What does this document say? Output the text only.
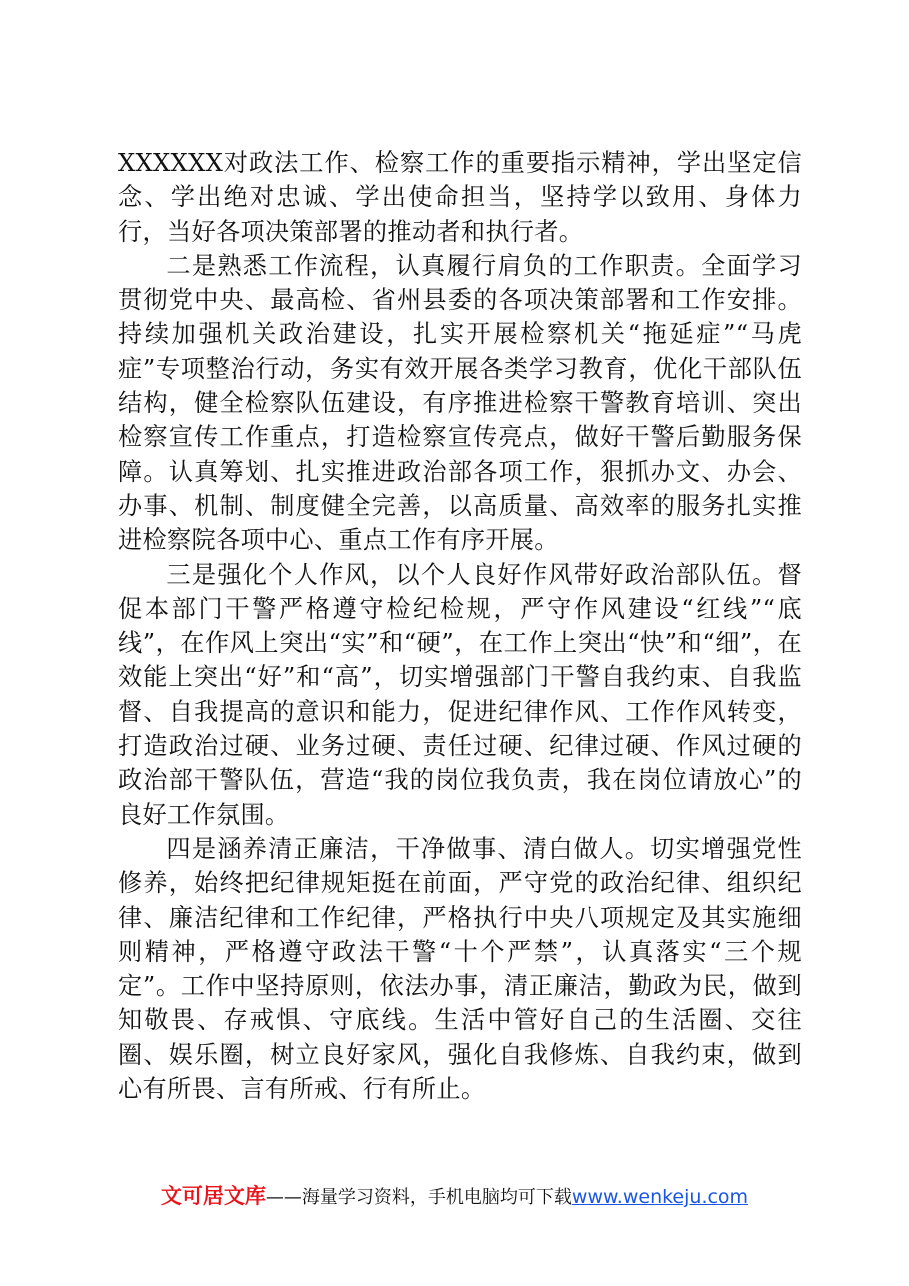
XXXXXX对政法工作、检察工作的重要指示精神，学出坚定信念、学出绝对忠诚、学出使命担当，坚持学以致用、身体力行，当好各项决策部署的推动者和执行者。

二是熟悉工作流程，认真履行肩负的工作职责。全面学习贯彻党中央、最高检、省州县委的各项决策部署和工作安排。持续加强机关政治建设，扎实开展检察机关“拖延症”“马虎症”专项整治行动，务实有效开展各类学习教育，优化干部队伍结构，健全检察队伍建设，有序推进检察干警教育培训、突出检察宣传工作重点，打造检察宣传亮点，做好干警后勤服务保障。认真筹划、扎实推进政治部各项工作，狠抓办文、办会、办事、机制、制度健全完善，以高质量、高效率的服务扎实推进检察院各项中心、重点工作有序开展。

三是强化个人作风，以个人良好作风带好政治部队伍。督促本部门干警严格遵守检纪检规，严守作风建设“红线”“底线”，在作风上突出“实”和“硬”，在工作上突出“快”和“细”，在效能上突出“好”和“高”，切实增强部门干警自我约束、自我监督、自我提高的意识和能力，促进纪律作风、工作作风转变，打造政治过硬、业务过硬、责任过硬、纪律过硬、作风过硬的政治部干警队伍，营造“我的岗位我负责，我在岗位请放心”的良好工作氛围。

四是涵养清正廉洁，干净做事、清白做人。切实增强党性修养，始终把纪律规矩挺在前面，严守党的政治纪律、组织纪律、廉洁纪律和工作纪律，严格执行中央八项规定及其实施细则精神，严格遵守政法干警“十个严禁”，认真落实“三个规定”。工作中坚持原则，依法办事，清正廉洁，勤政为民，做到知敬畏、存戒惧、守底线。生活中管好自己的生活圈、交往圈、娱乐圈，树立良好家风，强化自我修炼、自我约束，做到心有所畏、言有所戒、行有所止。

文可居文库——海量学习资料，手机电脑均可下载www.wenkeju.com
